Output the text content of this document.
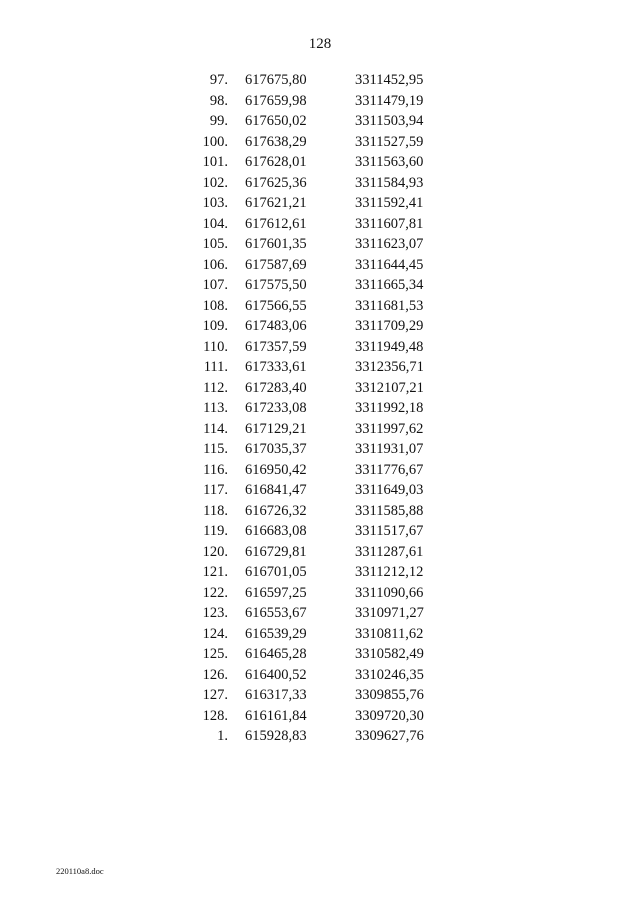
128
97. 617675,80	3311452,95
98. 617659,98	3311479,19
99. 617650,02	3311503,94
100. 617638,29	3311527,59
101. 617628,01	3311563,60
102. 617625,36	3311584,93
103. 617621,21	3311592,41
104. 617612,61	3311607,81
105. 617601,35	3311623,07
106. 617587,69	3311644,45
107. 617575,50	3311665,34
108. 617566,55	3311681,53
109. 617483,06	3311709,29
110. 617357,59	3311949,48
111. 617333,61	3312356,71
112. 617283,40	3312107,21
113. 617233,08	3311992,18
114. 617129,21	3311997,62
115. 617035,37	3311931,07
116. 616950,42	3311776,67
117. 616841,47	3311649,03
118. 616726,32	3311585,88
119. 616683,08	3311517,67
120. 616729,81	3311287,61
121. 616701,05	3311212,12
122. 616597,25	3311090,66
123. 616553,67	3310971,27
124. 616539,29	3310811,62
125. 616465,28	3310582,49
126. 616400,52	3310246,35
127. 616317,33	3309855,76
128. 616161,84	3309720,30
1. 615928,83	3309627,76
220110a8.doc
